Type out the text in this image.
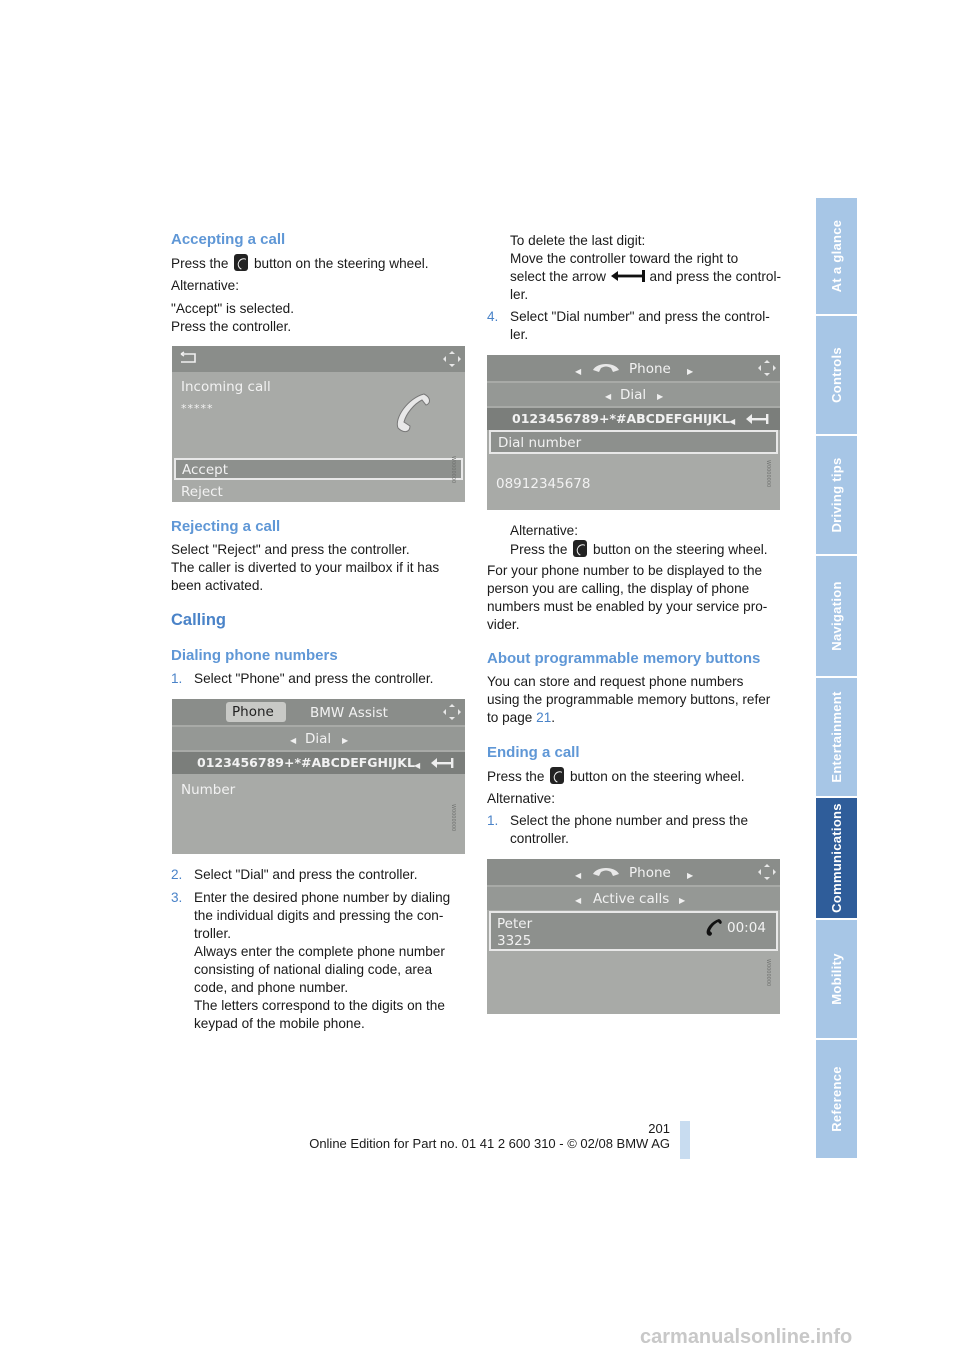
Accepting a call
Press the button on the steering wheel.
Alternative:
"Accept" is selected.
Press the controller.
Incoming call
*****
Accept
Reject
W0000000
Rejecting a call
Select "Reject" and press the controller.
The caller is diverted to your mailbox if it has
been activated.
Calling
Dialing phone numbers
1. Select "Phone" and press the controller.
Phone	BMW Assist
◀ Dial ▶
0123456789+*#ABCDEFGHIJKL ◀
Number
W0000000
2. Select "Dial" and press the controller.
3. Enter the desired phone number by dialing
the individual digits and pressing the con-
troller.
Always enter the complete phone number
consisting of national dialing code, area
code, and phone number.
The letters correspond to the digits on the
keypad of the mobile phone.
To delete the last digit:
Move the controller toward the right to
select the arrow	and press the control-
ler.
4. Select "Dial number" and press the control-
ler.
◀	Phone ▶
◀ Dial ▶
0123456789+*#ABCDEFGHIJKL ◀
Dial number
08912345678	W0000000
Alternative:
Press the button on the steering wheel.
For your phone number to be displayed to the
person you are calling, the display of phone
numbers must be enabled by your service pro-
vider.
About programmable memory buttons
You can store and request phone numbers
using the programmable memory buttons, refer
to page 21.
Ending a call
Press the button on the steering wheel.
Alternative:
1. Select the phone number and press the
controller.
◀	Phone ▶
◀ Active calls ▶
Peter
3325
00:04
W0000000
At a glance
Controls
Driving tips
Navigation
Entertainment
Communications
Mobility
Reference
201
Online Edition for Part no. 01 41 2 600 310 - © 02/08 BMW AG
carmanualsonline.info
